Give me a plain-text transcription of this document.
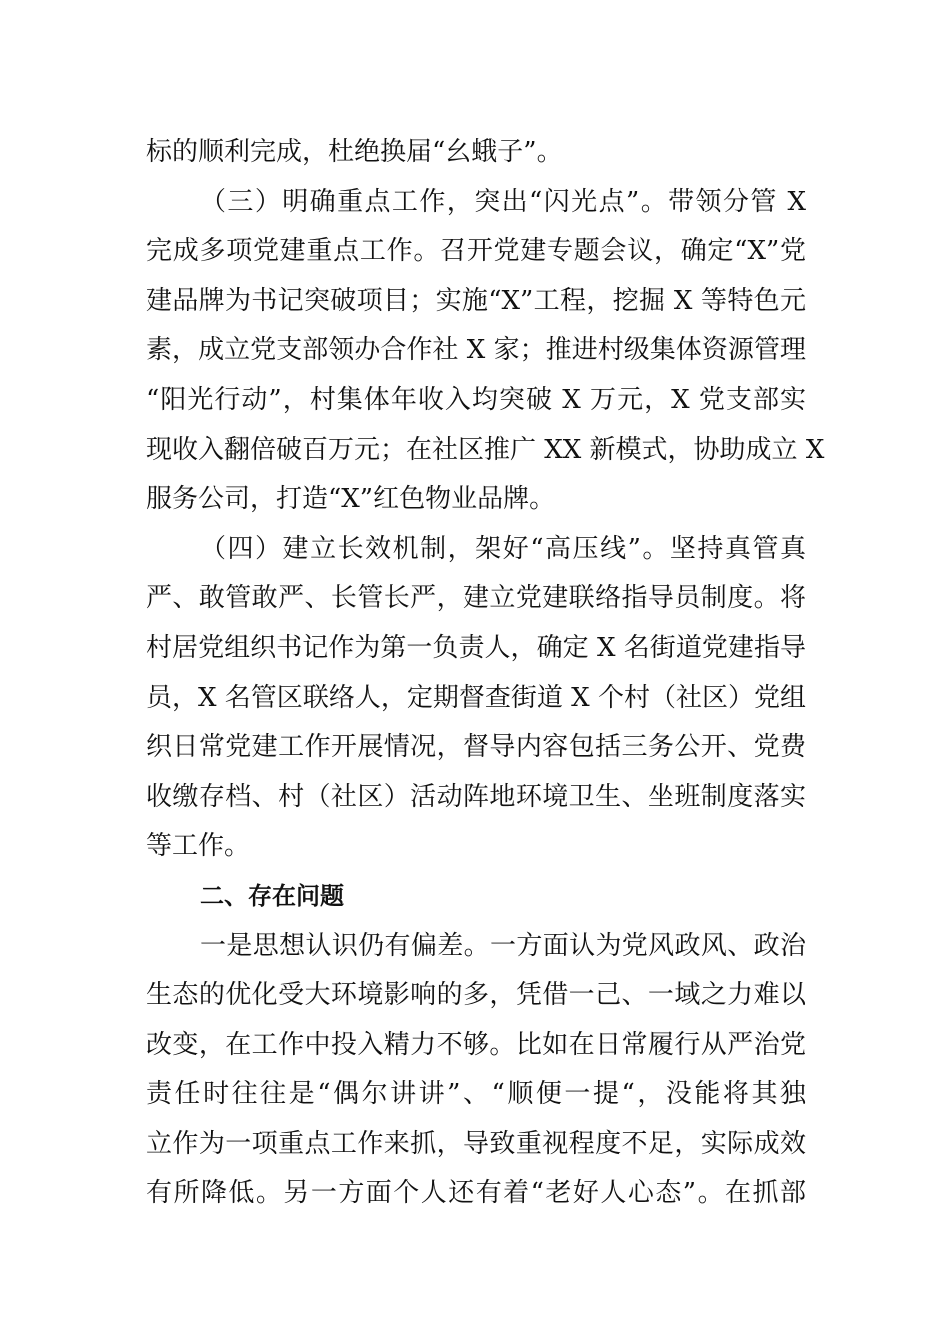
标的顺利完成，杜绝换届“幺蛾子”。
（三）明确重点工作，突出“闪光点”。带领分管 X
完成多项党建重点工作。召开党建专题会议，确定“X”党
建品牌为书记突破项目；实施“X”工程，挖掘 X 等特色元
素，成立党支部领办合作社 X 家；推进村级集体资源管理
“阳光行动”，村集体年收入均突破 X 万元，X 党支部实
现收入翻倍破百万元；在社区推广 XX 新模式，协助成立 X
服务公司，打造“X”红色物业品牌。
（四）建立长效机制，架好“高压线”。坚持真管真
严、敢管敢严、长管长严，建立党建联络指导员制度。将
村居党组织书记作为第一负责人，确定 X 名街道党建指导
员，X 名管区联络人，定期督查街道 X 个村（社区）党组
织日常党建工作开展情况，督导内容包括三务公开、党费
收缴存档、村（社区）活动阵地环境卫生、坐班制度落实
等工作。
二、存在问题
一是思想认识仍有偏差。一方面认为党风政风、政治
生态的优化受大环境影响的多，凭借一己、一域之力难以
改变，在工作中投入精力不够。比如在日常履行从严治党
责任时往往是“偶尔讲讲”、“顺便一提“，没能将其独
立作为一项重点工作来抓，导致重视程度不足，实际成效
有所降低。另一方面个人还有着“老好人心态”。在抓部
